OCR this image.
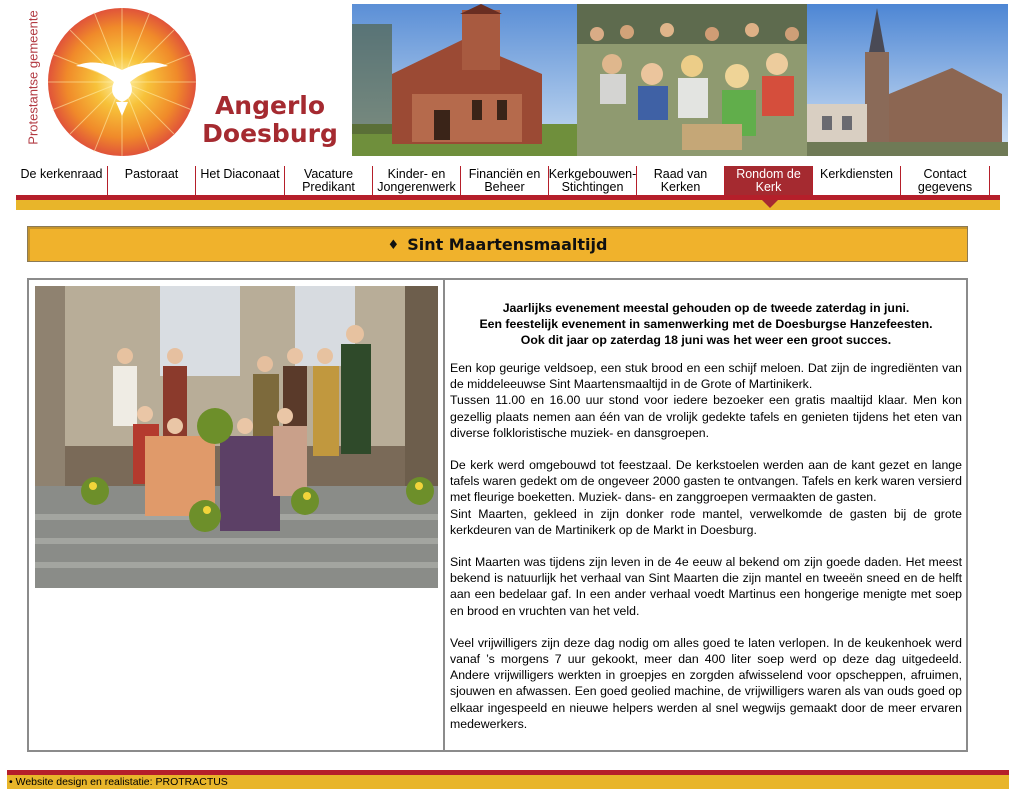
Protestantse gemeente	Angerlo
Doesburg
De kerkenraad Pastoraat Het Diaconaat Vacature
Predikant
Kinder- en
Jongerenwerk
Financiën en
Beheer
Kerkgebouwen-
Stichtingen
Raad van
Kerken
Rondom de
Kerk
Kerkdiensten	Contact
gegevens
♦ Sint Maartensmaaltijd
Jaarlijks evenement meestal gehouden op de tweede zaterdag in juni.
Een feestelijk evenement in samenwerking met de Doesburgse Hanzefeesten.
Ook dit jaar op zaterdag 18 juni was het weer een groot succes.
Een kop geurige veldsoep, een stuk brood en een schijf meloen. Dat zijn de ingrediënten van de middeleeuwse Sint Maartensmaaltijd in de Grote of Martinikerk.
Tussen 11.00 en 16.00 uur stond voor iedere bezoeker een gratis maaltijd klaar. Men kon gezellig plaats nemen aan één van de vrolijk gedekte tafels en genieten tijdens het eten van diverse folkloristische muziek- en dansgroepen.
De kerk werd omgebouwd tot feestzaal. De kerkstoelen werden aan de kant gezet en lange tafels waren gedekt om de ongeveer 2000 gasten te ontvangen. Tafels en kerk waren versierd met fleurige boeketten. Muziek- dans- en zanggroepen vermaakten de gasten.
Sint Maarten, gekleed in zijn donker rode mantel, verwelkomde de gasten bij de grote kerkdeuren van de Martinikerk op de Markt in Doesburg.
Sint Maarten was tijdens zijn leven in de 4e eeuw al bekend om zijn goede daden. Het meest bekend is natuurlijk het verhaal van Sint Maarten die zijn mantel en tweeën sneed en de helft aan een bedelaar gaf. In een ander verhaal voedt Martinus een hongerige menigte met soep en brood en vruchten van het veld.
Veel vrijwilligers zijn deze dag nodig om alles goed te laten verlopen. In de keukenhoek werd vanaf ’s morgens 7 uur gekookt, meer dan 400 liter soep werd op deze dag uitgedeeld. Andere vrijwilligers werkten in groepjes en zorgden afwisselend voor opscheppen, afruimen, sjouwen en afwassen. Een goed geolied machine, de vrijwilligers waren als van ouds goed op elkaar ingespeeld en nieuwe helpers werden al snel wegwijs gemaakt door de meer ervaren medewerkers.
• Website design en realistatie: PROTRACTUS
